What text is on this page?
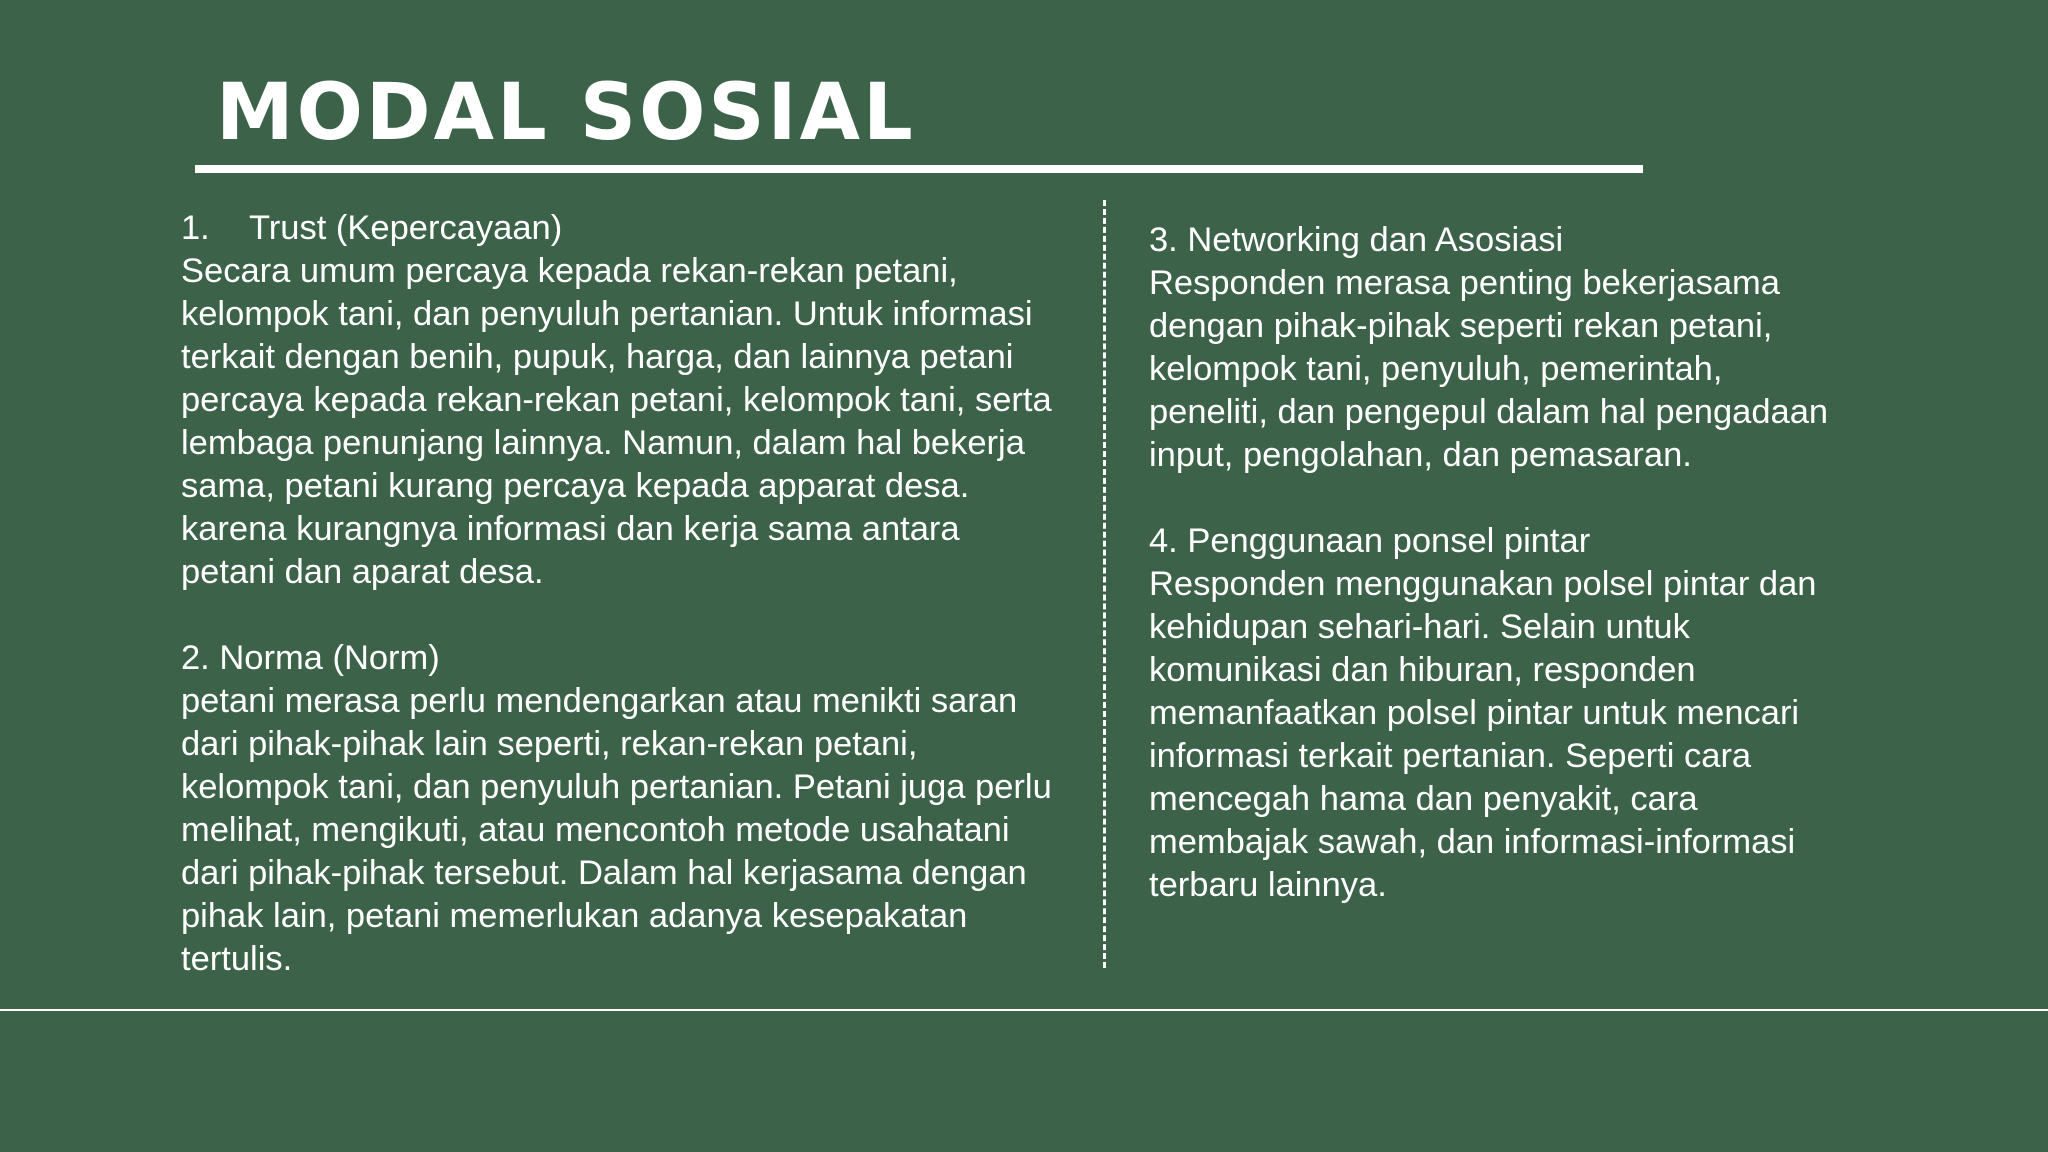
MODAL SOSIAL

1. Trust (Kepercayaan)

Secara umum percaya kepada rekan-rekan petani,
kelompok tani, dan penyuluh pertanian. Untuk informasi
terkait dengan benih, pupuk, harga, dan lainnya petani
percaya kepada rekan-rekan petani, kelompok tani, serta
lembaga penunjang lainnya. Namun, dalam hal bekerja
sama, petani kurang percaya kepada apparat desa.
karena kurangnya informasi dan kerja sama antara
petani dan aparat desa.

2. Norma (Norm)

petani merasa perlu mendengarkan atau menikti saran
dari pihak-pihak lain seperti, rekan-rekan petani,
kelompok tani, dan penyuluh pertanian. Petani juga perlu
melihat, mengikuti, atau mencontoh metode usahatani
dari pihak-pihak tersebut. Dalam hal kerjasama dengan
pihak lain, petani memerlukan adanya kesepakatan
tertulis.

3. Networking dan Asosiasi

Responden merasa penting bekerjasama
dengan pihak-pihak seperti rekan petani,
kelompok tani, penyuluh, pemerintah,
peneliti, dan pengepul dalam hal pengadaan
input, pengolahan, dan pemasaran.

4. Penggunaan ponsel pintar

Responden menggunakan polsel pintar dan
kehidupan sehari-hari. Selain untuk
komunikasi dan hiburan, responden
memanfaatkan polsel pintar untuk mencari
informasi terkait pertanian. Seperti cara
mencegah hama dan penyakit, cara
membajak sawah, dan informasi-informasi
terbaru lainnya.
